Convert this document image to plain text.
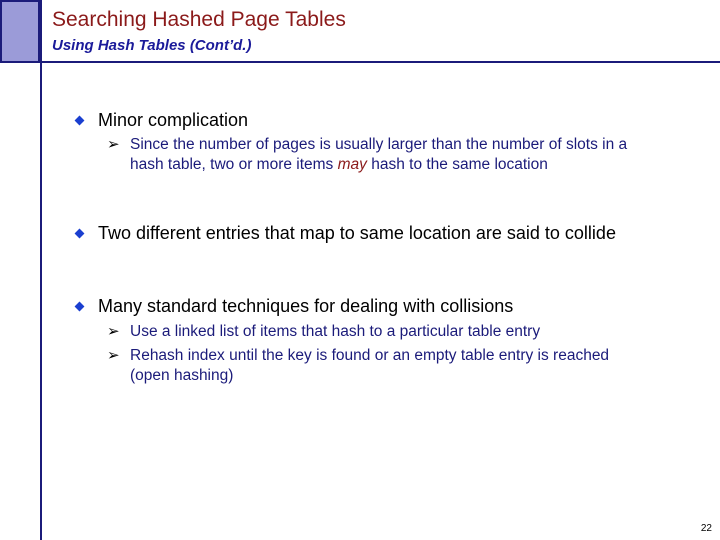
Searching Hashed Page Tables
Using Hash Tables (Cont’d.)

Minor complication

➢ Since the number of pages is usually larger than the number of slots in a hash table, two or more items may hash to the same location

Two different entries that map to same location are said to collide

Many standard techniques for dealing with collisions

➢ Use a linked list of items that hash to a particular table entry

➢ Rehash index until the key is found or an empty table entry is reached (open hashing)

22
